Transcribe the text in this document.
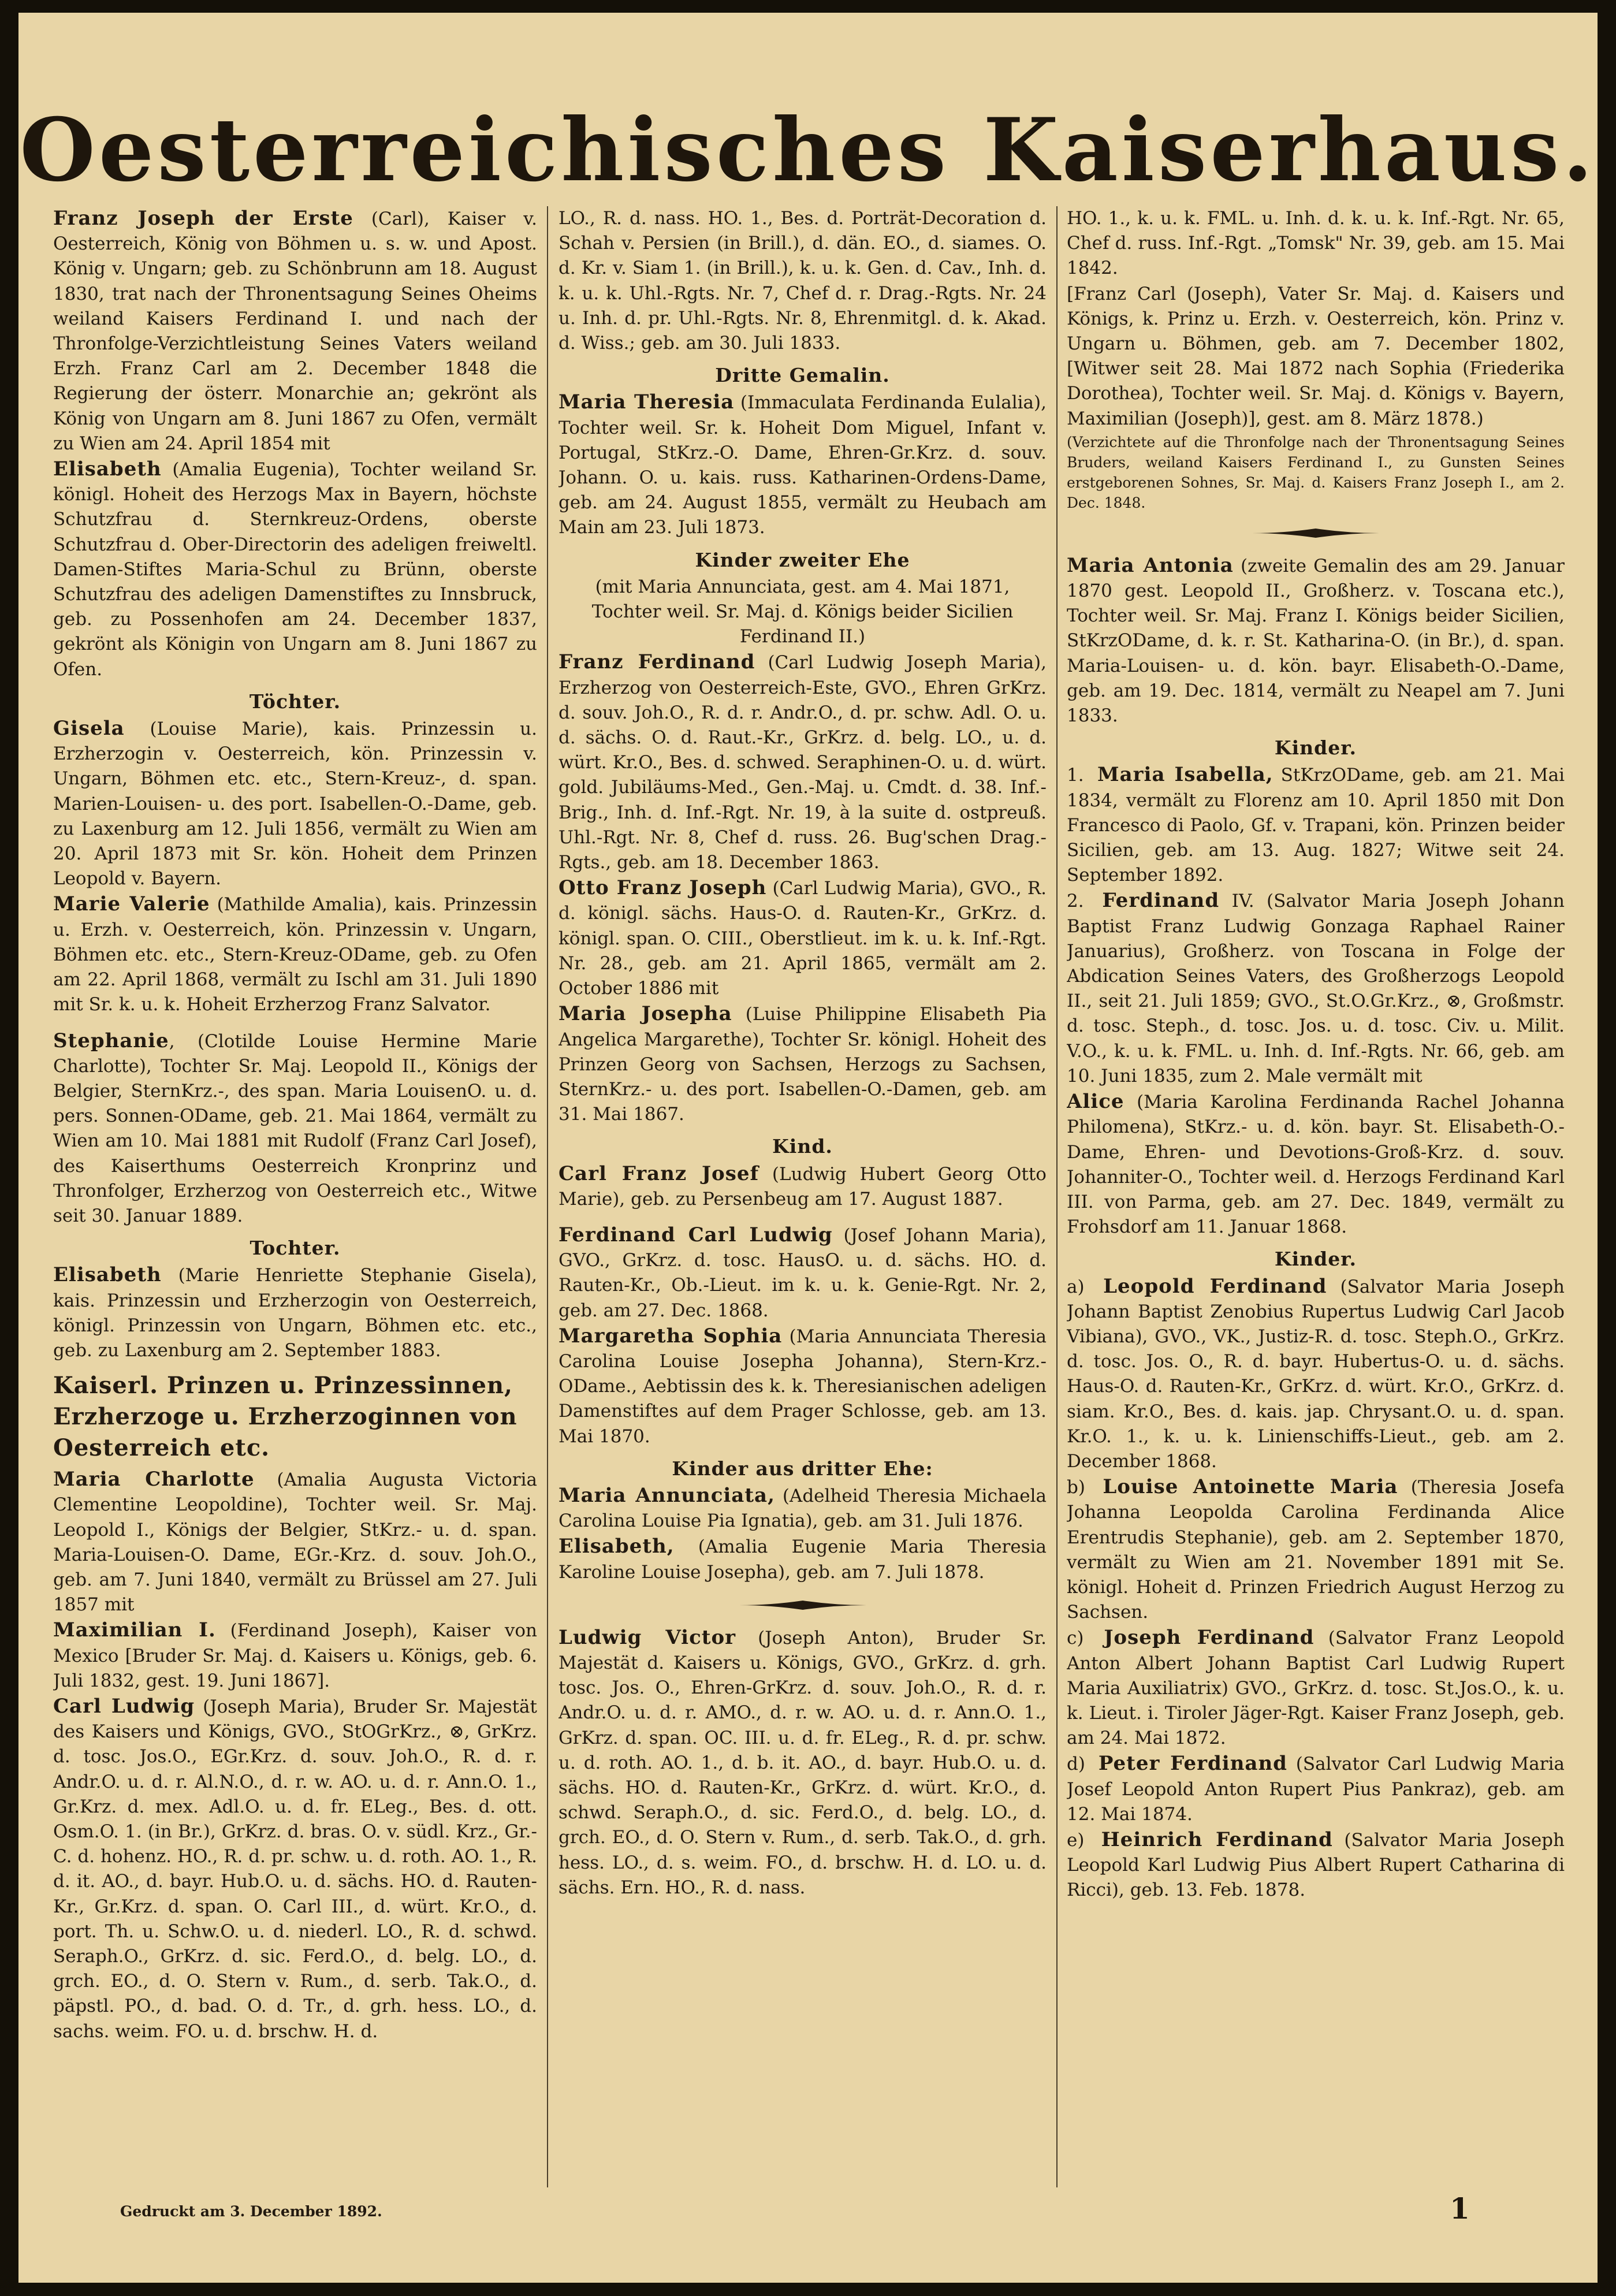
Oesterreichisches Kaiserhaus.

Franz Joseph der Erste (Carl), Kaiser v. Oesterreich, König von Böhmen u. s. w. und Apost. König v. Ungarn; geb. zu Schönbrunn am 18. August 1830, trat nach der Thronentsagung Seines Oheims weiland Kaisers Ferdinand I. und nach der Thronfolge-Verzichtleistung Seines Vaters weiland Erzh. Franz Carl am 2. December 1848 die Regierung der österr. Monarchie an; gekrönt als König von Ungarn am 8. Juni 1867 zu Ofen, vermält zu Wien am 24. April 1854 mit

Elisabeth (Amalia Eugenia), Tochter weiland Sr. königl. Hoheit des Herzogs Max in Bayern, höchste Schutzfrau d. Sternkreuz-Ordens, oberste Schutzfrau d. Ober-Directorin des adeligen freiweltl. Damen-Stiftes Maria-Schul zu Brünn, oberste Schutzfrau des adeligen Damenstiftes zu Innsbruck, geb. zu Possenhofen am 24. December 1837, gekrönt als Königin von Ungarn am 8. Juni 1867 zu Ofen.

Töchter.

Gisela (Louise Marie), kais. Prinzessin u. Erzherzogin v. Oesterreich, kön. Prinzessin v. Ungarn, Böhmen etc. etc., Stern-Kreuz-, d. span. Marien-Louisen- u. des port. Isabellen-O.-Dame, geb. zu Laxenburg am 12. Juli 1856, vermält zu Wien am 20. April 1873 mit Sr. kön. Hoheit dem Prinzen Leopold v. Bayern.

Marie Valerie (Mathilde Amalia), kais. Prinzessin u. Erzh. v. Oesterreich, kön. Prinzessin v. Ungarn, Böhmen etc. etc., Stern-Kreuz-ODame, geb. zu Ofen am 22. April 1868, vermält zu Ischl am 31. Juli 1890 mit Sr. k. u. k. Hoheit Erzherzog Franz Salvator.

Stephanie, (Clotilde Louise Hermine Marie Charlotte), Tochter Sr. Maj. Leopold II., Königs der Belgier, SternKrz.-, des span. Maria LouisenO. u. d. pers. Sonnen-ODame, geb. 21. Mai 1864, vermält zu Wien am 10. Mai 1881 mit Rudolf (Franz Carl Josef), des Kaiserthums Oesterreich Kronprinz und Thronfolger, Erzherzog von Oesterreich etc., Witwe seit 30. Januar 1889.

Tochter.

Elisabeth (Marie Henriette Stephanie Gisela), kais. Prinzessin und Erzherzogin von Oesterreich, königl. Prinzessin von Ungarn, Böhmen etc. etc., geb. zu Laxenburg am 2. September 1883.

Kaiserl. Prinzen u. Prinzessinnen, Erzherzoge u. Erzherzoginnen von Oesterreich etc.

Maria Charlotte (Amalia Augusta Victoria Clementine Leopoldine), Tochter weil. Sr. Maj. Leopold I., Königs der Belgier, StKrz.- u. d. span. Maria-Louisen-O. Dame, EGr.-Krz. d. souv. Joh.O., geb. am 7. Juni 1840, vermält zu Brüssel am 27. Juli 1857 mit

Maximilian I. (Ferdinand Joseph), Kaiser von Mexico [Bruder Sr. Maj. d. Kaisers u. Königs, geb. 6. Juli 1832, gest. 19. Juni 1867].

Carl Ludwig (Joseph Maria), Bruder Sr. Majestät des Kaisers und Königs, GVO., StOGrKrz., ⊗, GrKrz. d. tosc. Jos.O., EGr.Krz. d. souv. Joh.O., R. d. r. Andr.O. u. d. r. Al.N.O., d. r. w. AO. u. d. r. Ann.O. 1., Gr.Krz. d. mex. Adl.O. u. d. fr. ELeg., Bes. d. ott. Osm.O. 1. (in Br.), GrKrz. d. bras. O. v. südl. Krz., Gr.-C. d. hohenz. HO., R. d. pr. schw. u. d. roth. AO. 1., R. d. it. AO., d. bayr. Hub.O. u. d. sächs. HO. d. Rauten-Kr., Gr.Krz. d. span. O. Carl III., d. würt. Kr.O., d. port. Th. u. Schw.O. u. d. niederl. LO., R. d. schwd. Seraph.O., GrKrz. d. sic. Ferd.O., d. belg. LO., d. grch. EO., d. O. Stern v. Rum., d. serb. Tak.O., d. päpstl. PO., d. bad. O. d. Tr., d. grh. hess. LO., d. sachs. weim. FO. u. d. brschw. H. d.

LO., R. d. nass. HO. 1., Bes. d. Porträt-Decoration d. Schah v. Persien (in Brill.), d. dän. EO., d. siames. O. d. Kr. v. Siam 1. (in Brill.), k. u. k. Gen. d. Cav., Inh. d. k. u. k. Uhl.-Rgts. Nr. 7, Chef d. r. Drag.-Rgts. Nr. 24 u. Inh. d. pr. Uhl.-Rgts. Nr. 8, Ehrenmitgl. d. k. Akad. d. Wiss.; geb. am 30. Juli 1833.

Dritte Gemalin.

Maria Theresia (Immaculata Ferdinanda Eulalia), Tochter weil. Sr. k. Hoheit Dom Miguel, Infant v. Portugal, StKrz.-O. Dame, Ehren-Gr.Krz. d. souv. Johann. O. u. kais. russ. Katharinen-Ordens-Dame, geb. am 24. August 1855, vermält zu Heubach am Main am 23. Juli 1873.

Kinder zweiter Ehe

(mit Maria Annunciata, gest. am 4. Mai 1871, Tochter weil. Sr. Maj. d. Königs beider Sicilien Ferdinand II.)

Franz Ferdinand (Carl Ludwig Joseph Maria), Erzherzog von Oesterreich-Este, GVO., Ehren GrKrz. d. souv. Joh.O., R. d. r. Andr.O., d. pr. schw. Adl. O. u. d. sächs. O. d. Raut.-Kr., GrKrz. d. belg. LO., u. d. würt. Kr.O., Bes. d. schwed. Seraphinen-O. u. d. würt. gold. Jubiläums-Med., Gen.-Maj. u. Cmdt. d. 38. Inf.-Brig., Inh. d. Inf.-Rgt. Nr. 19, à la suite d. ostpreuß. Uhl.-Rgt. Nr. 8, Chef d. russ. 26. Bug'schen Drag.-Rgts., geb. am 18. December 1863.

Otto Franz Joseph (Carl Ludwig Maria), GVO., R. d. königl. sächs. Haus-O. d. Rauten-Kr., GrKrz. d. königl. span. O. CIII., Oberstlieut. im k. u. k. Inf.-Rgt. Nr. 28., geb. am 21. April 1865, vermält am 2. October 1886 mit

Maria Josepha (Luise Philippine Elisabeth Pia Angelica Margarethe), Tochter Sr. königl. Hoheit des Prinzen Georg von Sachsen, Herzogs zu Sachsen, SternKrz.- u. des port. Isabellen-O.-Damen, geb. am 31. Mai 1867.

Kind.

Carl Franz Josef (Ludwig Hubert Georg Otto Marie), geb. zu Persenbeug am 17. August 1887.

Ferdinand Carl Ludwig (Josef Johann Maria), GVO., GrKrz. d. tosc. HausO. u. d. sächs. HO. d. Rauten-Kr., Ob.-Lieut. im k. u. k. Genie-Rgt. Nr. 2, geb. am 27. Dec. 1868.

Margaretha Sophia (Maria Annunciata Theresia Carolina Louise Josepha Johanna), Stern-Krz.-ODame., Aebtissin des k. k. Theresianischen adeligen Damenstiftes auf dem Prager Schlosse, geb. am 13. Mai 1870.

Kinder aus dritter Ehe:

Maria Annunciata, (Adelheid Theresia Michaela Carolina Louise Pia Ignatia), geb. am 31. Juli 1876.

Elisabeth, (Amalia Eugenie Maria Theresia Karoline Louise Josepha), geb. am 7. Juli 1878.

Ludwig Victor (Joseph Anton), Bruder Sr. Majestät d. Kaisers u. Königs, GVO., GrKrz. d. grh. tosc. Jos. O., Ehren-GrKrz. d. souv. Joh.O., R. d. r. Andr.O. u. d. r. AMO., d. r. w. AO. u. d. r. Ann.O. 1., GrKrz. d. span. OC. III. u. d. fr. ELeg., R. d. pr. schw. u. d. roth. AO. 1., d. b. it. AO., d. bayr. Hub.O. u. d. sächs. HO. d. Rauten-Kr., GrKrz. d. würt. Kr.O., d. schwd. Seraph.O., d. sic. Ferd.O., d. belg. LO., d. grch. EO., d. O. Stern v. Rum., d. serb. Tak.O., d. grh. hess. LO., d. s. weim. FO., d. brschw. H. d. LO. u. d. sächs. Ern. HO., R. d. nass.

HO. 1., k. u. k. FML. u. Inh. d. k. u. k. Inf.-Rgt. Nr. 65, Chef d. russ. Inf.-Rgt. „Tomsk" Nr. 39, geb. am 15. Mai 1842.

[Franz Carl (Joseph), Vater Sr. Maj. d. Kaisers und Königs, k. Prinz u. Erzh. v. Oesterreich, kön. Prinz v. Ungarn u. Böhmen, geb. am 7. December 1802, [Witwer seit 28. Mai 1872 nach Sophia (Friederika Dorothea), Tochter weil. Sr. Maj. d. Königs v. Bayern, Maximilian (Joseph)], gest. am 8. März 1878.)

(Verzichtete auf die Thronfolge nach der Thronentsagung Seines Bruders, weiland Kaisers Ferdinand I., zu Gunsten Seines erstgeborenen Sohnes, Sr. Maj. d. Kaisers Franz Joseph I., am 2. Dec. 1848.

Maria Antonia (zweite Gemalin des am 29. Januar 1870 gest. Leopold II., Großherz. v. Toscana etc.), Tochter weil. Sr. Maj. Franz I. Königs beider Sicilien, StKrzODame, d. k. r. St. Katharina-O. (in Br.), d. span. Maria-Louisen- u. d. kön. bayr. Elisabeth-O.-Dame, geb. am 19. Dec. 1814, vermält zu Neapel am 7. Juni 1833.

Kinder.

1. Maria Isabella, StKrzODame, geb. am 21. Mai 1834, vermält zu Florenz am 10. April 1850 mit Don Francesco di Paolo, Gf. v. Trapani, kön. Prinzen beider Sicilien, geb. am 13. Aug. 1827; Witwe seit 24. September 1892.

2. Ferdinand IV. (Salvator Maria Joseph Johann Baptist Franz Ludwig Gonzaga Raphael Rainer Januarius), Großherz. von Toscana in Folge der Abdication Seines Vaters, des Großherzogs Leopold II., seit 21. Juli 1859; GVO., St.O.Gr.Krz., ⊗, Großmstr. d. tosc. Steph., d. tosc. Jos. u. d. tosc. Civ. u. Milit. V.O., k. u. k. FML. u. Inh. d. Inf.-Rgts. Nr. 66, geb. am 10. Juni 1835, zum 2. Male vermält mit

Alice (Maria Karolina Ferdinanda Rachel Johanna Philomena), StKrz.- u. d. kön. bayr. St. Elisabeth-O.-Dame, Ehren- und Devotions-Groß-Krz. d. souv. Johanniter-O., Tochter weil. d. Herzogs Ferdinand Karl III. von Parma, geb. am 27. Dec. 1849, vermält zu Frohsdorf am 11. Januar 1868.

Kinder.

a) Leopold Ferdinand (Salvator Maria Joseph Johann Baptist Zenobius Rupertus Ludwig Carl Jacob Vibiana), GVO., VK., Justiz-R. d. tosc. Steph.O., GrKrz. d. tosc. Jos. O., R. d. bayr. Hubertus-O. u. d. sächs. Haus-O. d. Rauten-Kr., GrKrz. d. würt. Kr.O., GrKrz. d. siam. Kr.O., Bes. d. kais. jap. Chrysant.O. u. d. span. Kr.O. 1., k. u. k. Linienschiffs-Lieut., geb. am 2. December 1868.

b) Louise Antoinette Maria (Theresia Josefa Johanna Leopolda Carolina Ferdinanda Alice Erentrudis Stephanie), geb. am 2. September 1870, vermält zu Wien am 21. November 1891 mit Se. königl. Hoheit d. Prinzen Friedrich August Herzog zu Sachsen.

c) Joseph Ferdinand (Salvator Franz Leopold Anton Albert Johann Baptist Carl Ludwig Rupert Maria Auxiliatrix) GVO., GrKrz. d. tosc. St.Jos.O., k. u. k. Lieut. i. Tiroler Jäger-Rgt. Kaiser Franz Joseph, geb. am 24. Mai 1872.

d) Peter Ferdinand (Salvator Carl Ludwig Maria Josef Leopold Anton Rupert Pius Pankraz), geb. am 12. Mai 1874.

e) Heinrich Ferdinand (Salvator Maria Joseph Leopold Karl Ludwig Pius Albert Rupert Catharina di Ricci), geb. 13. Feb. 1878.

Gedruckt am 3. December 1892.	1
